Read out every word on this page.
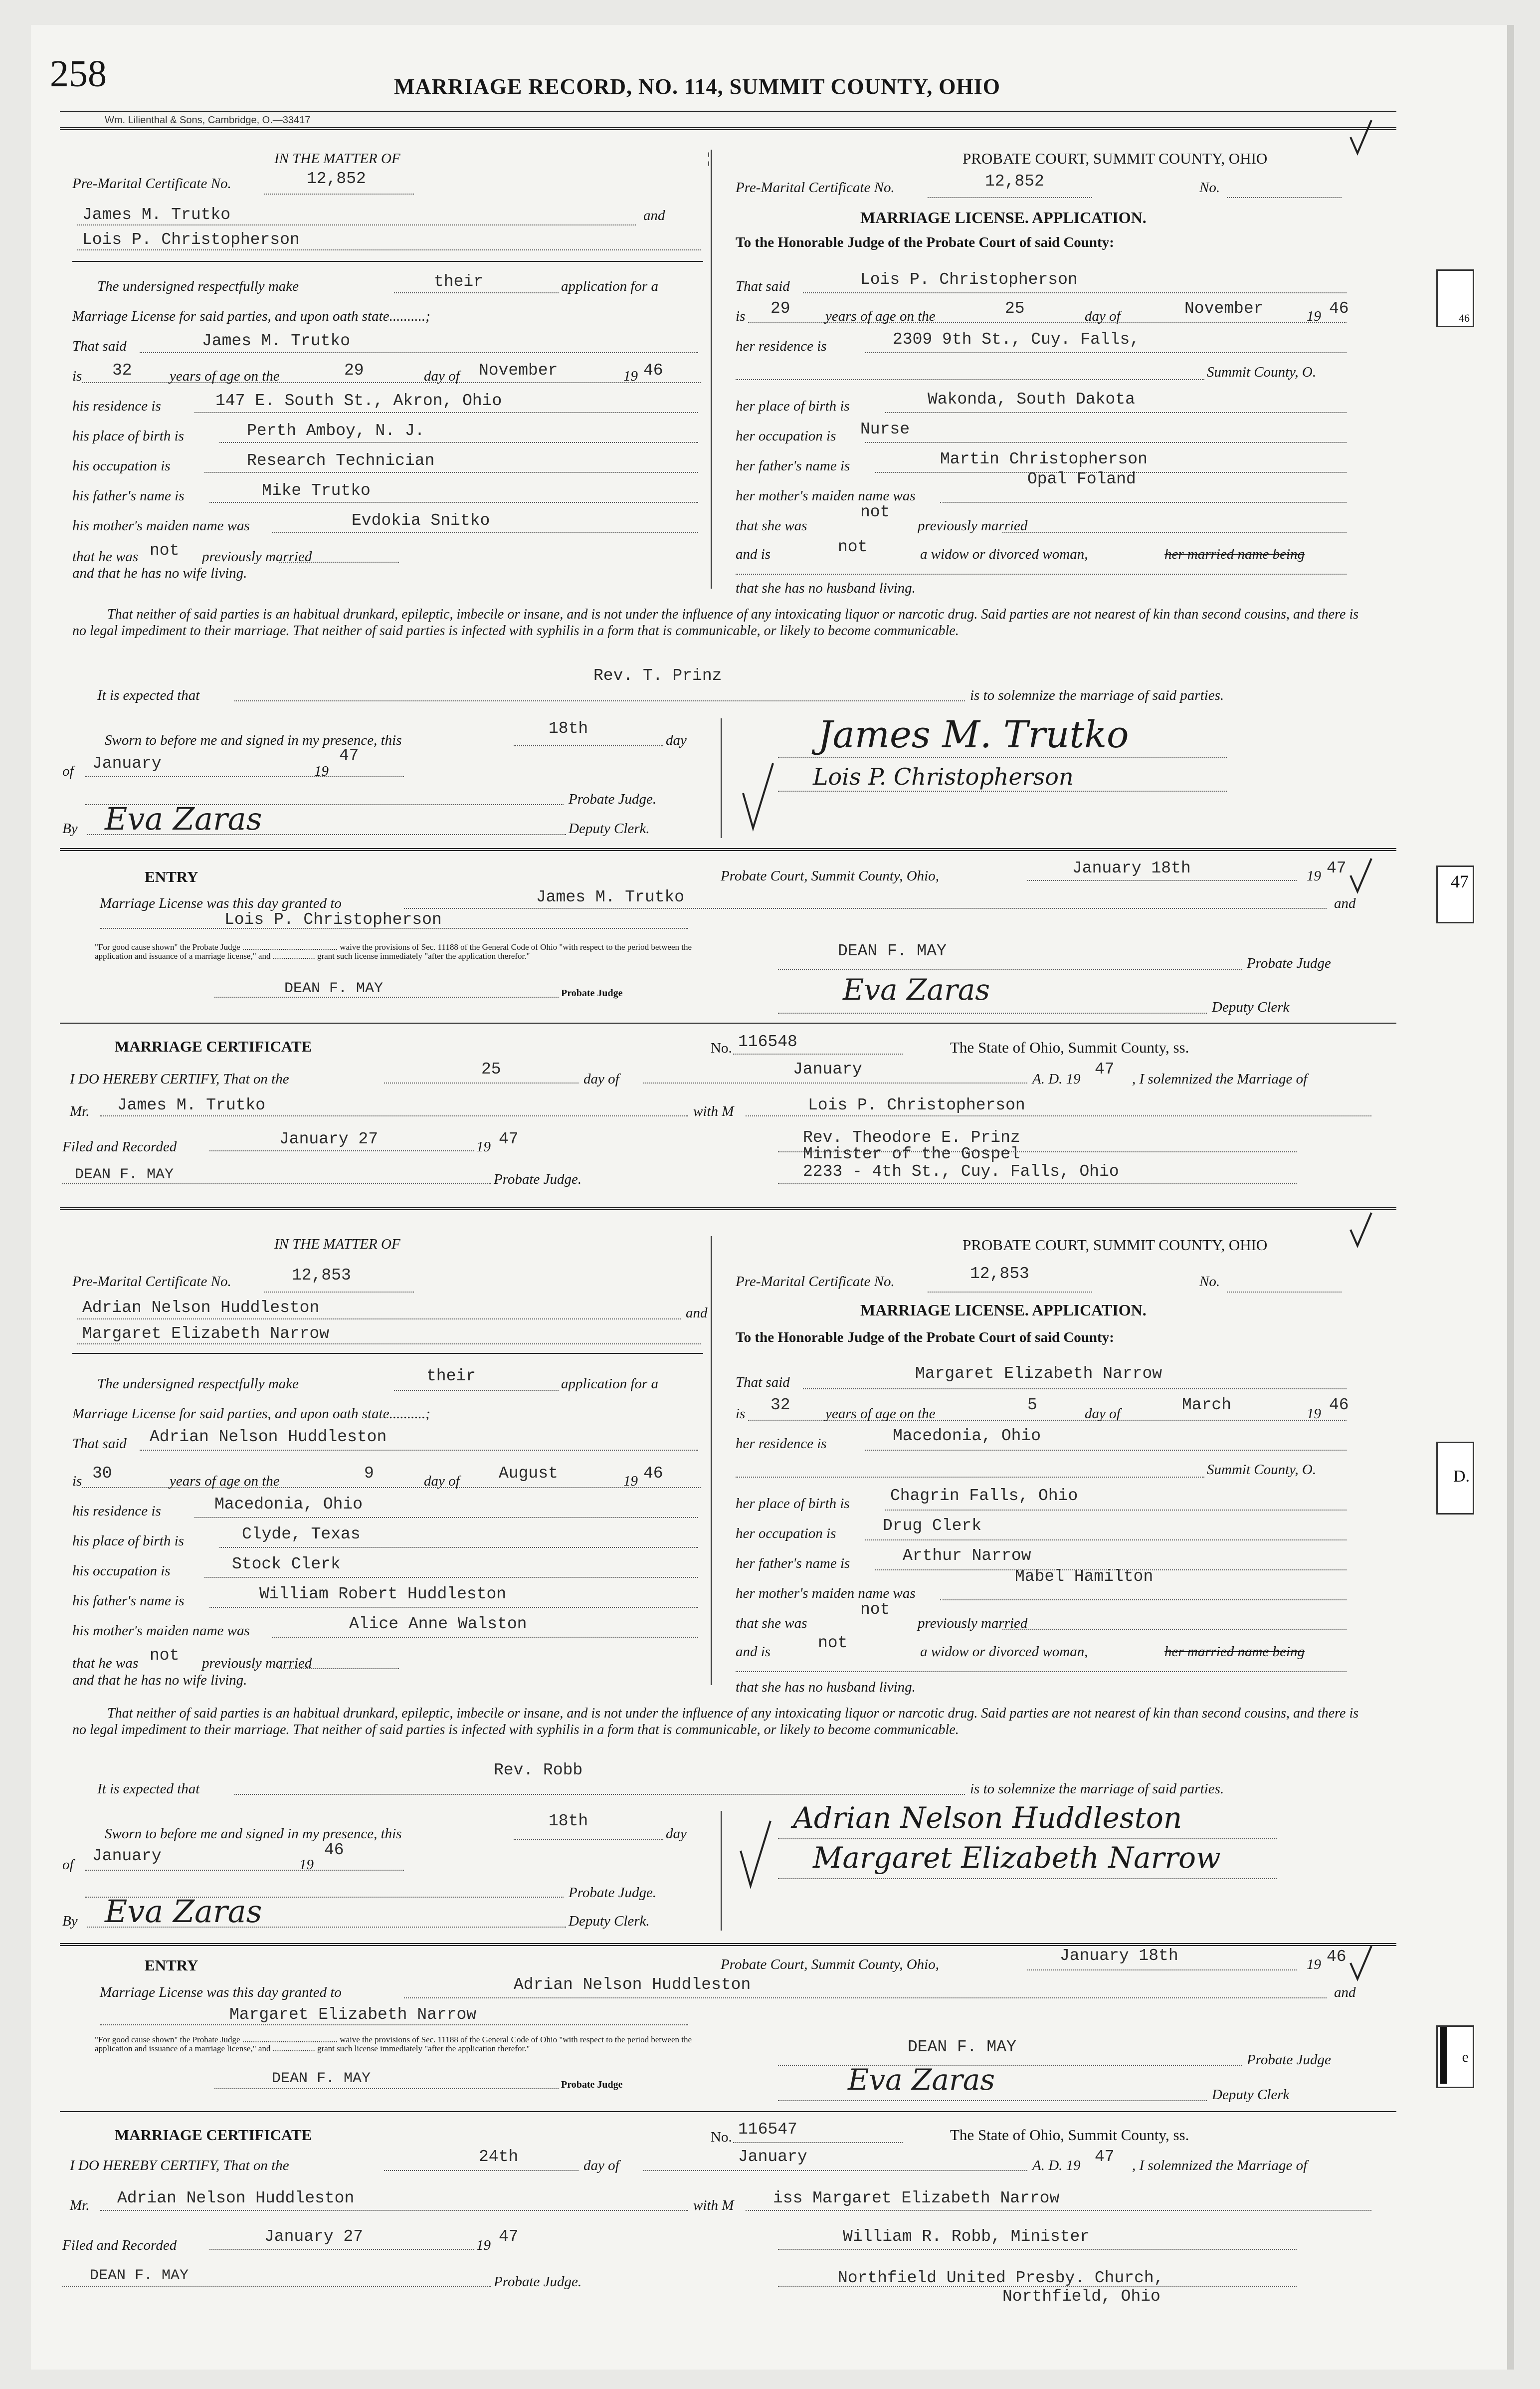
258	MARRIAGE RECORD, NO. 114, SUMMIT COUNTY, OHIO
Wm. Lilienthal & Sons, Cambridge, O.—33417
IN THE MATTER OF
Pre-Marital Certificate No.	12,852
James M. Trutko	and
Lois P. Christopherson
The undersigned respectfully make	their	application for a
Marriage License for said parties, and upon oath state..........;
That said	James M. Trutko
is 32	years of age on the	29	day of November	19 46
his residence is	147 E. South St., Akron, Ohio
his place of birth is	Perth Amboy, N. J.
his occupation is	Research Technician
his father's name is	Mike Trutko
his mother's maiden name was	Evdokia Snitko
that he was not previously married
and that he has no wife living.
¦	PROBATE COURT, SUMMIT COUNTY, OHIO
Pre-Marital Certificate No.	12,852	No.
MARRIAGE LICENSE. APPLICATION.
To the Honorable Judge of the Probate Court of said County:
That said	Lois P. Christopherson
is 29 years of age on the	25	day of	November	19 46
her residence is	2309 9th St., Cuy. Falls,
Summit County, O.
her place of birth is	Wakonda, South Dakota
her occupation is Nurse
her father's name is	Martin Christopherson
her mother's maiden name was
Opal Foland
that she was
not
previously married
and is	not	a widow or divorced woman,	her married name being
that she has no husband living.
That neither of said parties is an habitual drunkard, epileptic, imbecile or insane, and is not under the influence of any intoxicating liquor or narcotic drug. Said parties are not nearest of kin than second cousins, and there is no legal impediment to their marriage. That neither of said parties is infected with syphilis in a form that is communicable, or likely to become communicable.
It is expected that
Rev. T. Prinz
is to solemnize the marriage of said parties.
Sworn to before me and signed in my presence, this
18th
day
of January	19
47
Probate Judge.
By Eva Zaras	Deputy Clerk.
James M. Trutko
Lois P. Christopherson
ENTRY	Probate Court, Summit County, Ohio,	January 18th	19 47
Marriage License was this day granted to	James M. Trutko	and
Lois P. Christopherson
"For good cause shown" the Probate Judge ............................................. waive the provisions of Sec. 11188 of the General Code of Ohio "with respect to the period between the application and issuance of a marriage license," and .................... grant such license immediately "after the application therefor."
DEAN F. MAY	Probate Judge
DEAN F. MAY
Probate Judge
Eva Zaras
Deputy Clerk
MARRIAGE CERTIFICATE	No. 116548	The State of Ohio, Summit County, ss.
I DO HEREBY CERTIFY, That on the
25
day of
January
A. D. 19
47
, I solemnized the Marriage of
Mr. James M. Trutko	with M	Lois P. Christopherson
Filed and Recorded	January 27	19 47	Rev. Theodore E. Prinz
Minister of the Gospel
2233 - 4th St., Cuy. Falls, Ohio
DEAN F. MAY	Probate Judge.
IN THE MATTER OF
Pre-Marital Certificate No.	12,853
Adrian Nelson Huddleston	and
Margaret Elizabeth Narrow
The undersigned respectfully make	their	application for a
Marriage License for said parties, and upon oath state..........;
That said Adrian Nelson Huddleston
is 30	years of age on the	9	day of August	19 46
his residence is	Macedonia, Ohio
his place of birth is	Clyde, Texas
his occupation is	Stock Clerk
his father's name is	William Robert Huddleston
his mother's maiden name was	Alice Anne Walston
that he was not previously married
and that he has no wife living.
PROBATE COURT, SUMMIT COUNTY, OHIO
Pre-Marital Certificate No.	12,853	No.
MARRIAGE LICENSE. APPLICATION.
To the Honorable Judge of the Probate Court of said County:
That said	Margaret Elizabeth Narrow
is 32 years of age on the	5	day of	March	19 46
her residence is	Macedonia, Ohio
Summit County, O.
her place of birth is Chagrin Falls, Ohio
her occupation is	Drug Clerk
her father's name is	Arthur Narrow
her mother's maiden name was
Mabel Hamilton
that she was
not
previously married
and is	not	a widow or divorced woman,	her married name being
that she has no husband living.
That neither of said parties is an habitual drunkard, epileptic, imbecile or insane, and is not under the influence of any intoxicating liquor or narcotic drug. Said parties are not nearest of kin than second cousins, and there is no legal impediment to their marriage. That neither of said parties is infected with syphilis in a form that is communicable, or likely to become communicable.
It is expected that
Rev. Robb
is to solemnize the marriage of said parties.
Sworn to before me and signed in my presence, this
18th
day
of January	19
46
Probate Judge.
By Eva Zaras	Deputy Clerk.
Adrian Nelson Huddleston
Margaret Elizabeth Narrow
ENTRY	Probate Court, Summit County, Ohio,	January 18th	19 46
Marriage License was this day granted to	Adrian Nelson Huddleston	and
Margaret Elizabeth Narrow
"For good cause shown" the Probate Judge ............................................. waive the provisions of Sec. 11188 of the General Code of Ohio "with respect to the period between the application and issuance of a marriage license," and .................... grant such license immediately "after the application therefor."
DEAN F. MAY	Probate Judge
DEAN F. MAY
Probate Judge
Eva Zaras	Deputy Clerk
MARRIAGE CERTIFICATE	No. 116547	The State of Ohio, Summit County, ss.
I DO HEREBY CERTIFY, That on the	24th	day of	January	A. D. 19 47 , I solemnized the Marriage of
Mr. Adrian Nelson Huddleston	with M iss Margaret Elizabeth Narrow
Filed and Recorded	January 27	19 47	William R. Robb, Minister
DEAN F. MAY	Probate Judge.	Northfield United Presby. Church,
Northfield, Ohio
46
47
D.
e
